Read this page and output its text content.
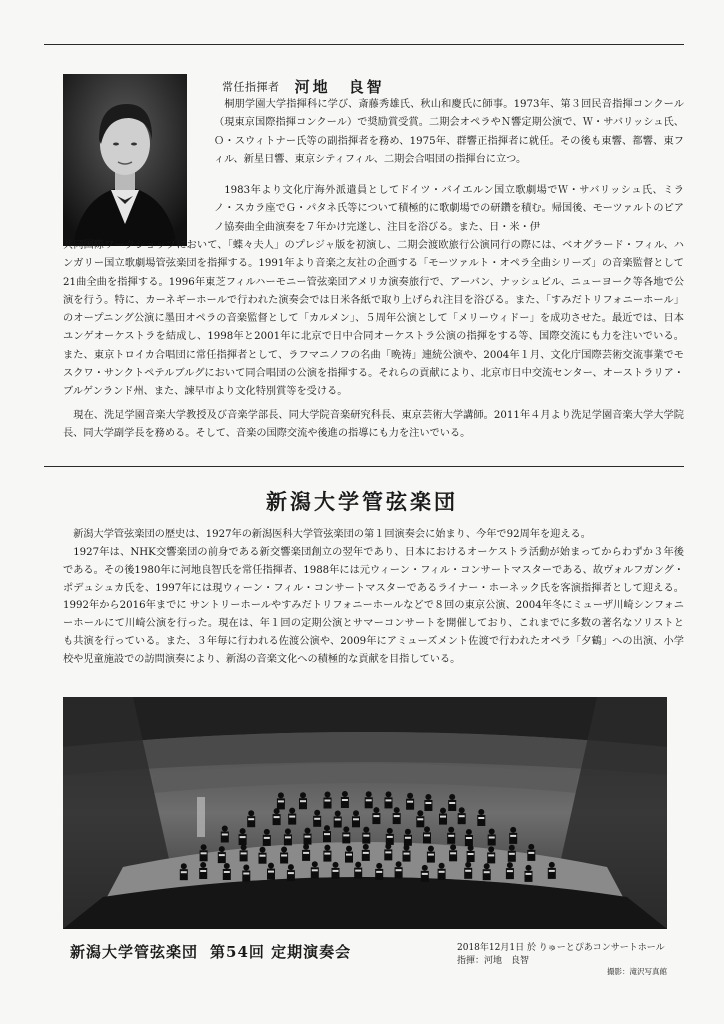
常任指揮者 河地　良智

桐朋学園大学指揮科に学び、斎藤秀雄氏、秋山和慶氏に師事。1973年、第３回民音指揮コンクール（現東京国際指揮コンクール）で奨励賞受賞。二期会オペラやＮ響定期公演で、Ｗ・サバリッシュ氏、Ｏ・スウィトナー氏等の副指揮者を務め、1975年、群響正指揮者に就任。その後も東響、都響、東フィル、新星日響、東京シティフィル、二期会合唱団の指揮台に立つ。

1983年より文化庁海外派遣員としてドイツ・バイエルン国立歌劇場でＷ・サバリッシュ氏、ミラノ・スカラ座でＧ・パタネ氏等について積極的に歌劇場での研鑽を積む。帰国後、モーツァルトのピアノ協奏曲全曲演奏を７年かけ完遂し、注目を浴びる。また、日・米・伊

共同国際ワークショップにおいて、「蝶々夫人」のプレジャ版を初演し、二期会渡欧旅行公演同行の際には、ベオグラード・フィル、ハンガリー国立歌劇場管弦楽団を指揮する。1991年より音楽之友社の企画する「モーツァルト・オペラ全曲シリーズ」の音楽監督として21曲全曲を指揮する。1996年東芝フィルハーモニー管弦楽団アメリカ演奏旅行で、アーバン、ナッシュビル、ニューヨーク等各地で公演を行う。特に、カーネギーホールで行われた演奏会では日米各紙で取り上げられ注目を浴びる。また、「すみだトリフォニーホール」のオープニング公演に墨田オペラの音楽監督として「カルメン」、５周年公演として「メリーウィドー」を成功させた。最近では、日本ユンゲオーケストラを結成し、1998年と2001年に北京で日中合同オーケストラ公演の指揮をする等、国際交流にも力を注いでいる。また、東京トロイカ合唱団に常任指揮者として、ラフマニノフの名曲「晩祷」連続公演や、2004年１月、文化庁国際芸術交流事業でモスクワ・サンクトペテルブルグにおいて同合唱団の公演を指揮する。それらの貢献により、北京市日中交流センター、オーストラリア・ブルゲンランド州、また、諫早市より文化特別賞等を受ける。

現在、洗足学園音楽大学教授及び音楽学部長、同大学院音楽研究科長、東京芸術大学講師。2011年４月より洗足学園音楽大学大学院長、同大学副学長を務める。そして、音楽の国際交流や後進の指導にも力を注いでいる。

新潟大学管弦楽団

新潟大学管弦楽団の歴史は、1927年の新潟医科大学管弦楽団の第１回演奏会に始まり、今年で92周年を迎える。

1927年は、NHK交響楽団の前身である新交響楽団創立の翌年であり、日本におけるオーケストラ活動が始まってからわずか３年後である。その後1980年に河地良智氏を常任指揮者、1988年には元ウィーン・フィル・コンサートマスターである、故ヴォルフガング・ポデュシュカ氏を、1997年には現ウィーン・フィル・コンサートマスターであるライナー・ホーネック氏を客演指揮者として迎える。1992年から2016年までに サントリーホールやすみだトリフォニーホールなどで８回の東京公演、2004年冬にミューザ川崎シンフォニーホールにて川崎公演を行った。現在は、年１回の定期公演とサマーコンサートを開催しており、これまでに多数の著名なソリストとも共演を行っている。また、３年毎に行われる佐渡公演や、2009年にアミューズメント佐渡で行われたオペラ「夕鶴」への出演、小学校や児童施設での訪問演奏により、新潟の音楽文化への積極的な貢献を目指している。

新潟大学管弦楽団 第54回 定期演奏会	2018年12月1日 於 りゅーとぴあコンサートホール
指揮：河地　良智
撮影：滝沢写真館
